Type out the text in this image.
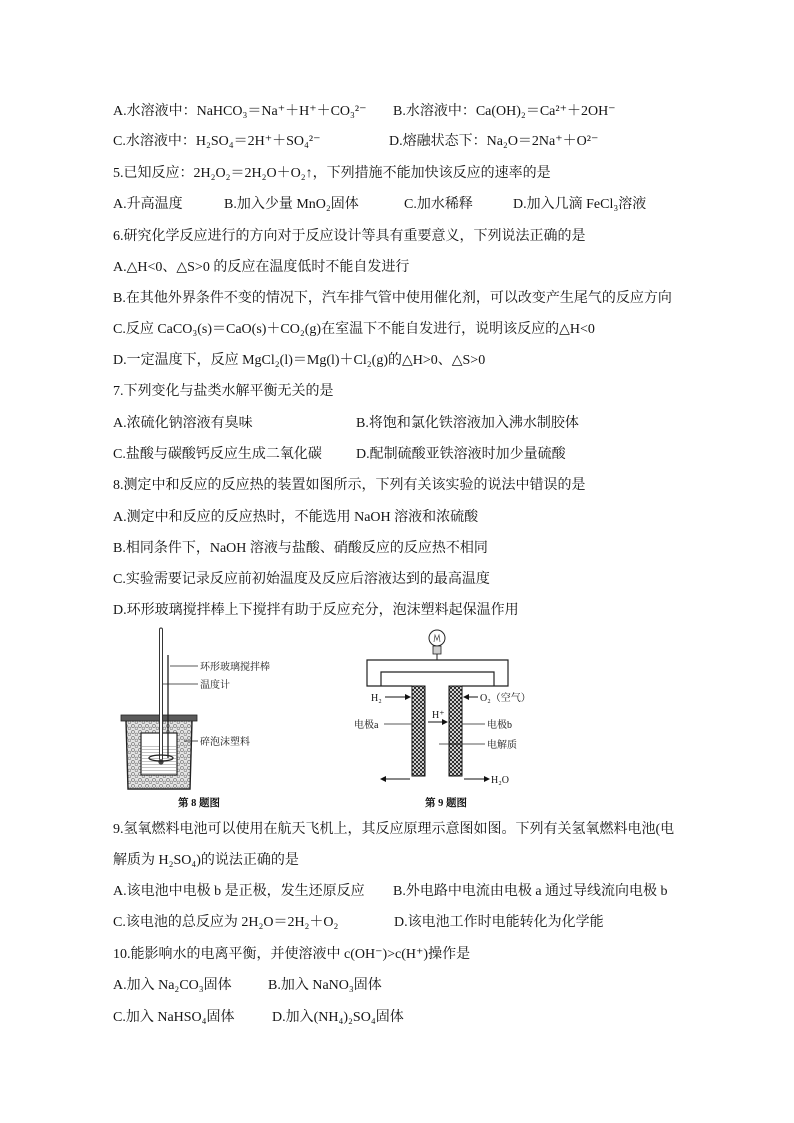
A.水溶液中：NaHCO₃＝Na⁺＋H⁺＋CO₃²⁻ B.水溶液中：Ca(OH)₂＝Ca²⁺＋2OH⁻
C.水溶液中：H₂SO₄＝2H⁺＋SO₄²⁻	D.熔融状态下：Na₂O＝2Na⁺＋O²⁻
5.已知反应：2H₂O₂＝2H₂O＋O₂↑，下列措施不能加快该反应的速率的是
A.升高温度	B.加入少量 MnO₂固体	C.加水稀释	D.加入几滴 FeCl₃溶液
6.研究化学反应进行的方向对于反应设计等具有重要意义，下列说法正确的是
A.△H<0、△S>0 的反应在温度低时不能自发进行
B.在其他外界条件不变的情况下，汽车排气管中使用催化剂，可以改变产生尾气的反应方向
C.反应 CaCO₃(s)＝CaO(s)＋CO₂(g)在室温下不能自发进行，说明该反应的△H<0
D.一定温度下，反应 MgCl₂(l)＝Mg(l)＋Cl₂(g)的△H>0、△S>0
7.下列变化与盐类水解平衡无关的是
A.浓硫化钠溶液有臭味	B.将饱和氯化铁溶液加入沸水制胶体
C.盐酸与碳酸钙反应生成二氧化碳 D.配制硫酸亚铁溶液时加少量硫酸
8.测定中和反应的反应热的装置如图所示，下列有关该实验的说法中错误的是
A.测定中和反应的反应热时，不能选用 NaOH 溶液和浓硫酸
B.相同条件下，NaOH 溶液与盐酸、硝酸反应的反应热不相同
C.实验需要记录反应前初始温度及反应后溶液达到的最高温度
D.环形玻璃搅拌棒上下搅拌有助于反应充分，泡沫塑料起保温作用
环形玻璃搅拌棒
温度计
碎泡沫塑料
第 8 题图
H₂	O₂（空气）
H⁺
电极a	电极b
电解质
H₂O
第 9 题图
9.氢氧燃料电池可以使用在航天飞机上，其反应原理示意图如图。下列有关氢氧燃料电池(电
解质为 H₂SO₄)的说法正确的是
A.该电池中电极 b 是正极，发生还原反应 B.外电路中电流由电极 a 通过导线流向电极 b
C.该电池的总反应为 2H₂O＝2H₂＋O₂	D.该电池工作时电能转化为化学能
10.能影响水的电离平衡，并使溶液中 c(OH⁻)>c(H⁺)操作是
A.加入 Na₂CO₃固体	B.加入 NaNO₃固体
C.加入 NaHSO₄固体	D.加入(NH₄)₂SO₄固体
